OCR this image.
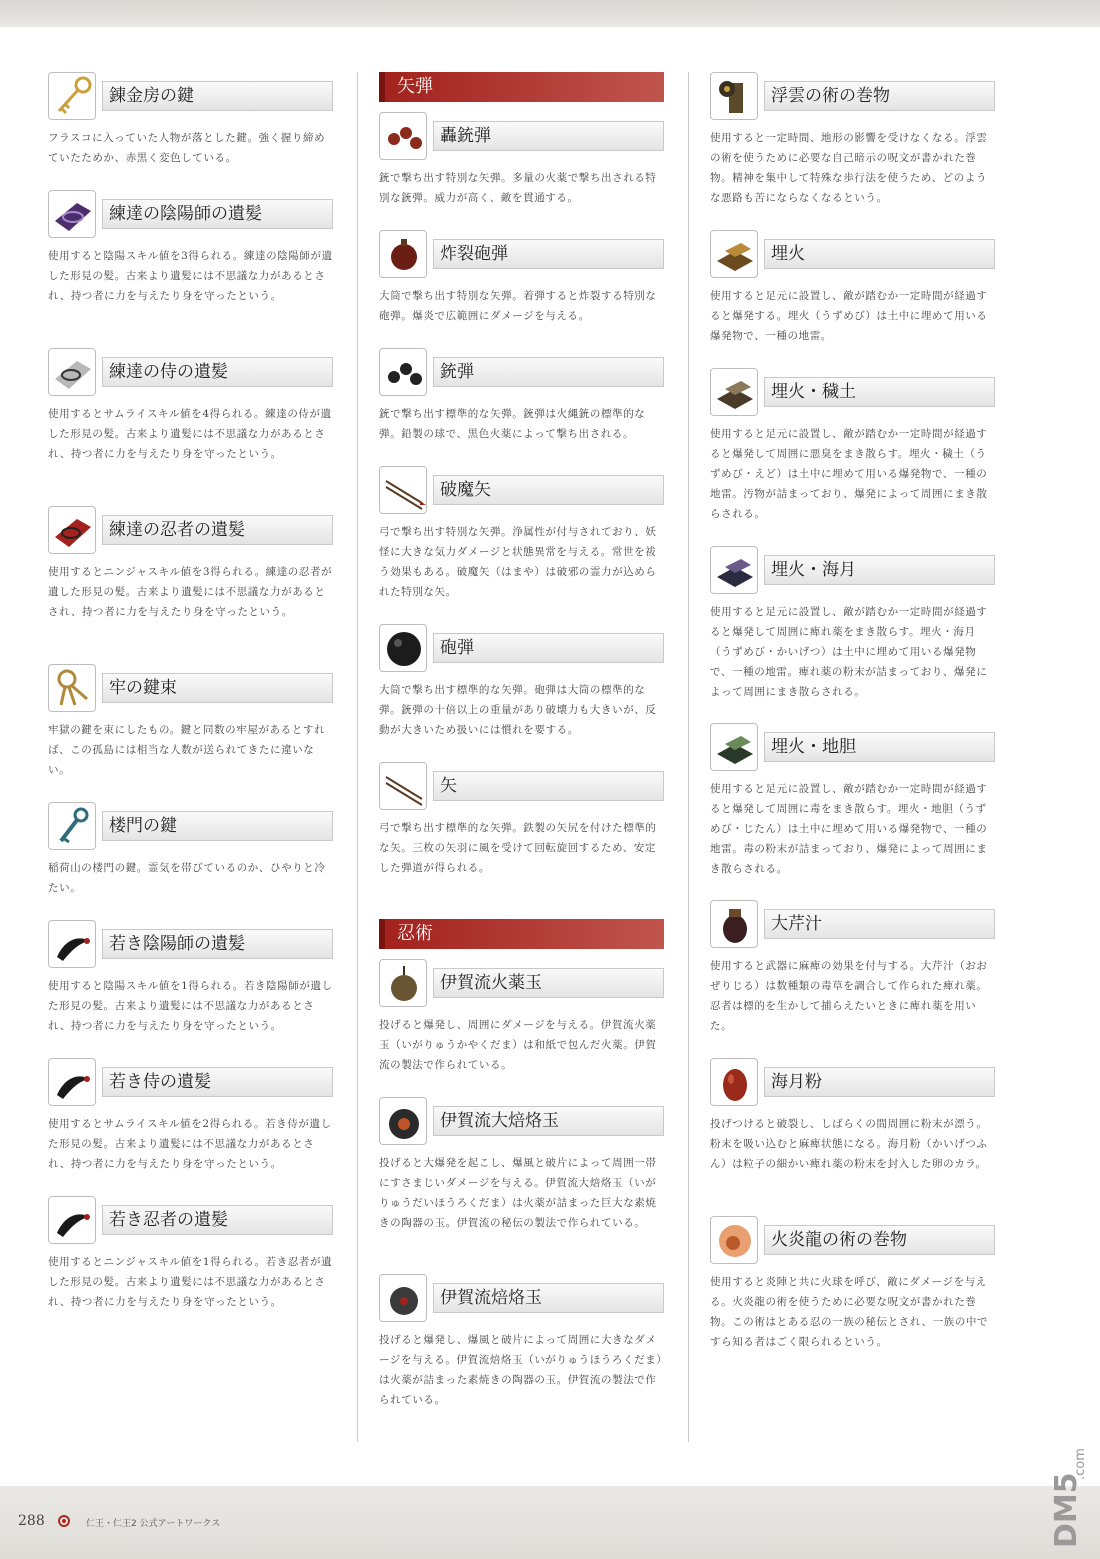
錬金房の鍵

フラスコに入っていた人物が落とした鍵。強く握り締めていたためか、赤黒く変色している。

練達の陰陽師の遺髪

使用すると陰陽スキル値を3得られる。練達の陰陽師が遺した形見の髪。古来より遺髪には不思議な力があるとされ、持つ者に力を与えたり身を守ったという。

練達の侍の遺髪

使用するとサムライスキル値を4得られる。練達の侍が遺した形見の髪。古来より遺髪には不思議な力があるとされ、持つ者に力を与えたり身を守ったという。

練達の忍者の遺髪

使用するとニンジャスキル値を3得られる。練達の忍者が遺した形見の髪。古来より遺髪には不思議な力があるとされ、持つ者に力を与えたり身を守ったという。

牢の鍵束

牢獄の鍵を束にしたもの。鍵と同数の牢屋があるとすれば、この孤島には相当な人数が送られてきたに違いない。

楼門の鍵

稲荷山の楼門の鍵。霊気を帯びているのか、ひやりと冷たい。

若き陰陽師の遺髪

使用すると陰陽スキル値を1得られる。若き陰陽師が遺した形見の髪。古来より遺髪には不思議な力があるとされ、持つ者に力を与えたり身を守ったという。

若き侍の遺髪

使用するとサムライスキル値を2得られる。若き侍が遺した形見の髪。古来より遺髪には不思議な力があるとされ、持つ者に力を与えたり身を守ったという。

若き忍者の遺髪

使用するとニンジャスキル値を1得られる。若き忍者が遺した形見の髪。古来より遺髪には不思議な力があるとされ、持つ者に力を与えたり身を守ったという。

矢弾
轟銃弾

銃で撃ち出す特別な矢弾。多量の火薬で撃ち出される特別な銃弾。威力が高く、敵を貫通する。

炸裂砲弾

大筒で撃ち出す特別な矢弾。着弾すると炸裂する特別な砲弾。爆炎で広範囲にダメージを与える。

銃弾

銃で撃ち出す標準的な矢弾。銃弾は火縄銃の標準的な弾。鉛製の球で、黒色火薬によって撃ち出される。

破魔矢

弓で撃ち出す特別な矢弾。浄属性が付与されており、妖怪に大きな気力ダメージと状態異常を与える。常世を祓う効果もある。破魔矢（はまや）は破邪の霊力が込められた特別な矢。

砲弾

大筒で撃ち出す標準的な矢弾。砲弾は大筒の標準的な弾。銃弾の十倍以上の重量があり破壊力も大きいが、反動が大きいため扱いには慣れを要する。

矢

弓で撃ち出す標準的な矢弾。鉄製の矢尻を付けた標準的な矢。三枚の矢羽に風を受けて回転旋回するため、安定した弾道が得られる。

忍術
伊賀流火薬玉

投げると爆発し、周囲にダメージを与える。伊賀流火薬玉（いがりゅうかやくだま）は和紙で包んだ火薬。伊賀流の製法で作られている。

伊賀流大焙烙玉

投げると大爆発を起こし、爆風と破片によって周囲一帯にすさまじいダメージを与える。伊賀流大焙烙玉（いがりゅうだいほうろくだま）は火薬が詰まった巨大な素焼きの陶器の玉。伊賀流の秘伝の製法で作られている。

伊賀流焙烙玉

投げると爆発し、爆風と破片によって周囲に大きなダメージを与える。伊賀流焙烙玉（いがりゅうほうろくだま）は火薬が詰まった素焼きの陶器の玉。伊賀流の製法で作られている。

浮雲の術の巻物

使用すると一定時間、地形の影響を受けなくなる。浮雲の術を使うために必要な自己暗示の呪文が書かれた巻物。精神を集中して特殊な歩行法を使うため、どのような悪路も苦にならなくなるという。

埋火

使用すると足元に設置し、敵が踏むか一定時間が経過すると爆発する。埋火（うずめび）は土中に埋めて用いる爆発物で、一種の地雷。

埋火・穢土

使用すると足元に設置し、敵が踏むか一定時間が経過すると爆発して周囲に悪臭をまき散らす。埋火・穢土（うずめび・えど）は土中に埋めて用いる爆発物で、一種の地雷。汚物が詰まっており、爆発によって周囲にまき散らされる。

埋火・海月

使用すると足元に設置し、敵が踏むか一定時間が経過すると爆発して周囲に痺れ薬をまき散らす。埋火・海月（うずめび・かいげつ）は土中に埋めて用いる爆発物で、一種の地雷。痺れ薬の粉末が詰まっており、爆発によって周囲にまき散らされる。

埋火・地胆

使用すると足元に設置し、敵が踏むか一定時間が経過すると爆発して周囲に毒をまき散らす。埋火・地胆（うずめび・じたん）は土中に埋めて用いる爆発物で、一種の地雷。毒の粉末が詰まっており、爆発によって周囲にまき散らされる。

大芹汁

使用すると武器に麻痺の効果を付与する。大芹汁（おおぜりじる）は数種類の毒草を調合して作られた痺れ薬。忍者は標的を生かして捕らえたいときに痺れ薬を用いた。

海月粉

投げつけると破裂し、しばらくの間周囲に粉末が漂う。粉末を吸い込むと麻痺状態になる。海月粉（かいげつふん）は粒子の細かい痺れ薬の粉末を封入した卵のカラ。

火炎龍の術の巻物

使用すると炎陣と共に火球を呼び、敵にダメージを与える。火炎龍の術を使うために必要な呪文が書かれた巻物。この術はとある忍の一族の秘伝とされ、一族の中ですら知る者はごく限られるという。

288	仁王・仁王2 公式アートワークス	DM5
.com
